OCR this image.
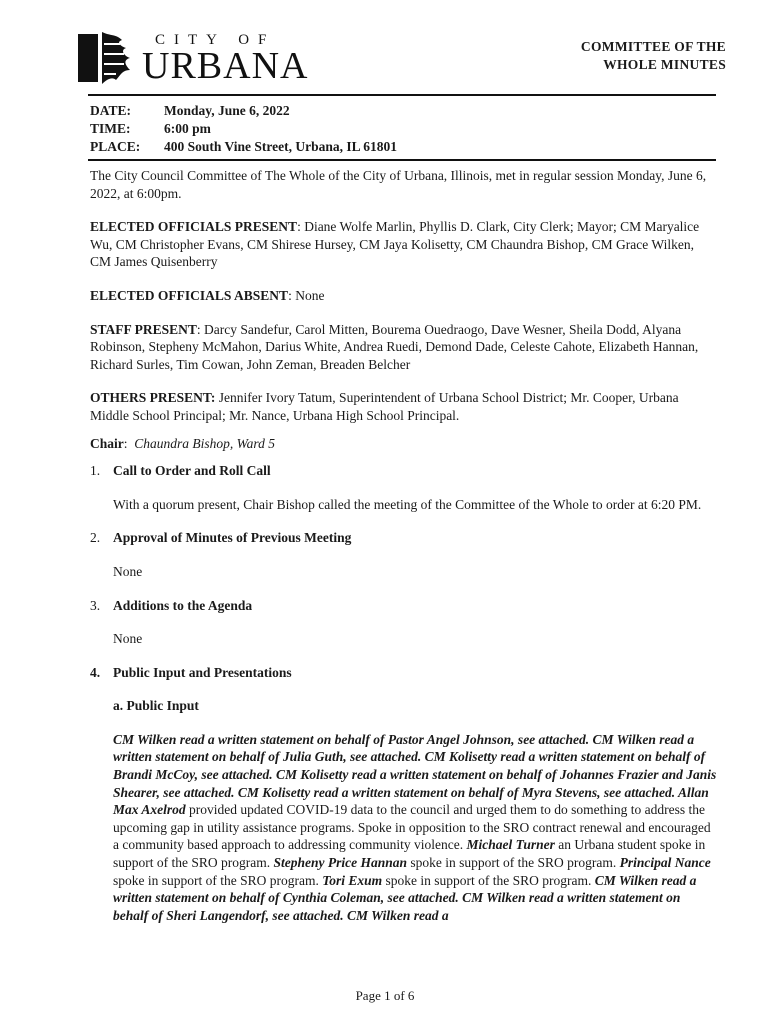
CITY OF
URBANA	COMMITTEE OF THE
WHOLE MINUTES
DATE:	Monday, June 6, 2022
TIME:	6:00 pm
PLACE:	400 South Vine Street, Urbana, IL 61801

The City Council Committee of The Whole of the City of Urbana, Illinois, met in regular session Monday, June 6, 2022, at 6:00pm.

ELECTED OFFICIALS PRESENT: Diane Wolfe Marlin, Phyllis D. Clark, City Clerk; Mayor; CM Maryalice Wu, CM Christopher Evans, CM Shirese Hursey, CM Jaya Kolisetty, CM Chaundra Bishop, CM Grace Wilken, CM James Quisenberry

ELECTED OFFICIALS ABSENT: None

STAFF PRESENT: Darcy Sandefur, Carol Mitten, Bourema Ouedraogo, Dave Wesner, Sheila Dodd, Alyana Robinson, Stepheny McMahon, Darius White, Andrea Ruedi, Demond Dade, Celeste Cahote, Elizabeth Hannan, Richard Surles, Tim Cowan, John Zeman, Breaden Belcher

OTHERS PRESENT: Jennifer Ivory Tatum, Superintendent of Urbana School District; Mr. Cooper, Urbana Middle School Principal; Mr. Nance, Urbana High School Principal.

Chair: Chaundra Bishop, Ward 5

1. Call to Order and Roll Call

With a quorum present, Chair Bishop called the meeting of the Committee of the Whole to order at 6:20 PM.

2. Approval of Minutes of Previous Meeting

None

3. Additions to the Agenda

None

4. Public Input and Presentations
a. Public Input

CM Wilken read a written statement on behalf of Pastor Angel Johnson, see attached. CM Wilken read a written statement on behalf of Julia Guth, see attached. CM Kolisetty read a written statement on behalf of Brandi McCoy, see attached. CM Kolisetty read a written statement on behalf of Johannes Frazier and Janis Shearer, see attached. CM Kolisetty read a written statement on behalf of Myra Stevens, see attached. Allan Max Axelrod provided updated COVID-19 data to the council and urged them to do something to address the upcoming gap in utility assistance programs. Spoke in opposition to the SRO contract renewal and encouraged a community based approach to addressing community violence. Michael Turner an Urbana student spoke in support of the SRO program. Stepheny Price Hannan spoke in support of the SRO program. Principal Nance spoke in support of the SRO program. Tori Exum spoke in support of the SRO program. CM Wilken read a written statement on behalf of Cynthia Coleman, see attached. CM Wilken read a written statement on behalf of Sheri Langendorf, see attached. CM Wilken read a

Page 1 of 6
